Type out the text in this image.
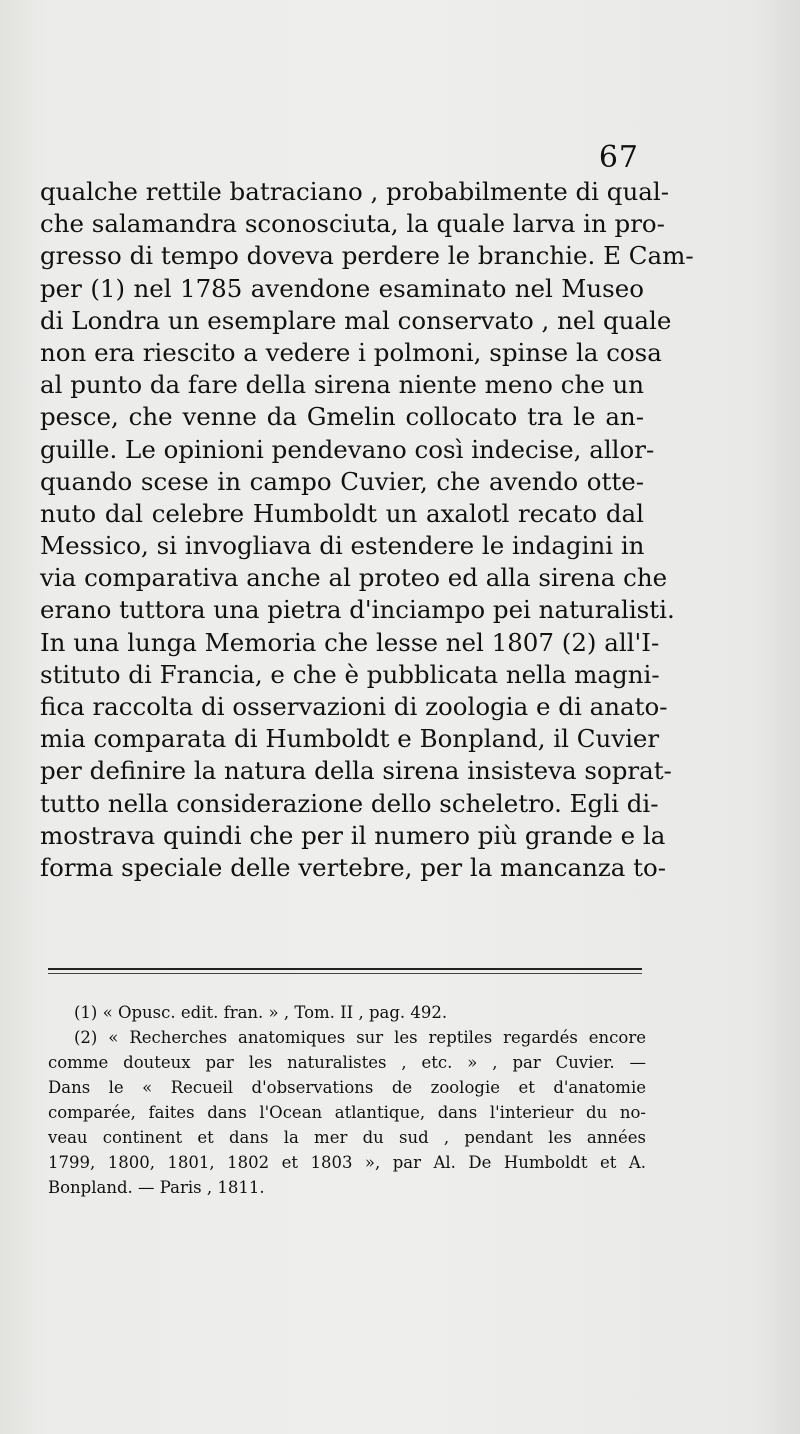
67
qualche rettile batraciano , probabilmente di qual-
che salamandra sconosciuta, la quale larva in pro-
gresso di tempo doveva perdere le branchie. E Cam-
per (1) nel 1785 avendone esaminato nel Museo
di Londra un esemplare mal conservato , nel quale
non era riescito a vedere i polmoni, spinse la cosa
al punto da fare della sirena niente meno che un
pesce, che venne da Gmelin collocato tra le an-
guille. Le opinioni pendevano così indecise, allor-
quando scese in campo Cuvier, che avendo otte-
nuto dal celebre Humboldt un axalotl recato dal
Messico, si invogliava di estendere le indagini in
via comparativa anche al proteo ed alla sirena che
erano tuttora una pietra d'inciampo pei naturalisti.
In una lunga Memoria che lesse nel 1807 (2) all'I-
stituto di Francia, e che è pubblicata nella magni-
fica raccolta di osservazioni di zoologia e di anato-
mia comparata di Humboldt e Bonpland, il Cuvier
per definire la natura della sirena insisteva soprat-
tutto nella considerazione dello scheletro. Egli di-
mostrava quindi che per il numero più grande e la
forma speciale delle vertebre, per la mancanza to-
(1) « Opusc. edit. fran. » , Tom. II , pag. 492.
(2) « Recherches anatomiques sur les reptiles regardés encore
comme douteux par les naturalistes , etc. » , par Cuvier. —
Dans le « Recueil d'observations de zoologie et d'anatomie
comparée, faites dans l'Ocean atlantique, dans l'interieur du no-
veau continent et dans la mer du sud , pendant les années
1799, 1800, 1801, 1802 et 1803 », par Al. De Humboldt et A.
Bonpland. — Paris , 1811.
